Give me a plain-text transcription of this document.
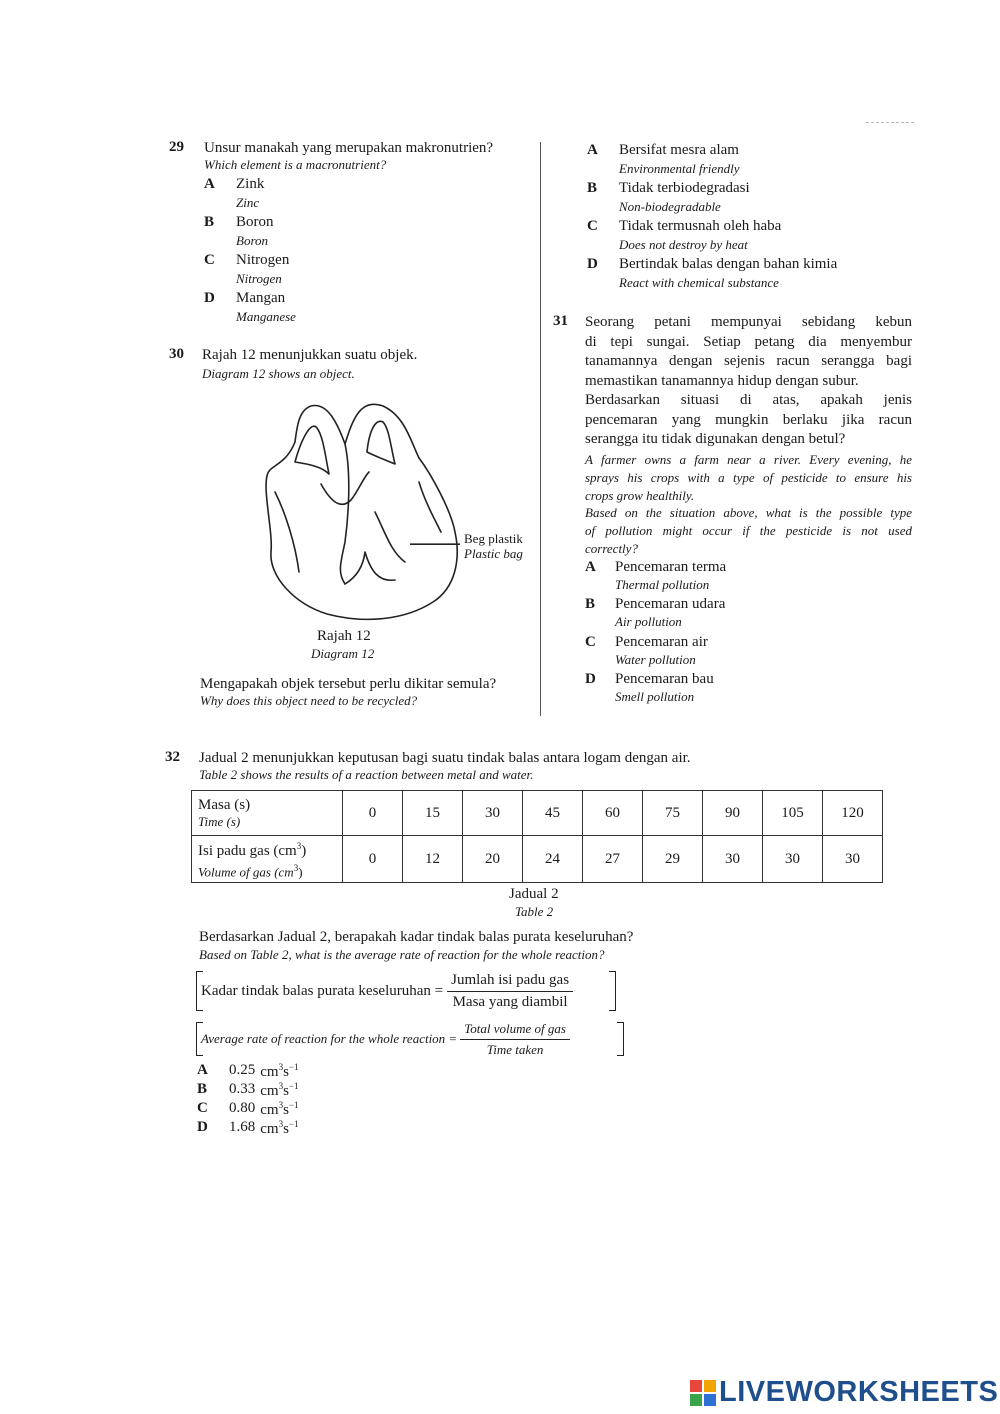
29 Unsur manakah yang merupakan makronutrien?
Which element is a macronutrient?
A Zink
Zinc
B Boron
Boron
C Nitrogen
Nitrogen
D Mangan
Manganese
30 Rajah 12 menunjukkan suatu objek.
Diagram 12 shows an object.
Beg plastik
Plastic bag
Rajah 12
Diagram 12
Mengapakah objek tersebut perlu dikitar semula?
Why does this object need to be recycled?
A Bersifat mesra alam
Environmental friendly
B Tidak terbiodegradasi
Non-biodegradable
C Tidak termusnah oleh haba
Does not destroy by heat
D Bertindak balas dengan bahan kimia
React with chemical substance
31 Seorang petani mempunyai sebidang kebun
di tepi sungai. Setiap petang dia menyembur
tanamannya dengan sejenis racun serangga bagi
memastikan tanamannya hidup dengan subur.
Berdasarkan situasi di atas, apakah jenis
pencemaran yang mungkin berlaku jika racun
serangga itu tidak digunakan dengan betul?
A farmer owns a farm near a river. Every evening, he
sprays his crops with a type of pesticide to ensure his
crops grow healthily.
Based on the situation above, what is the possible type
of pollution might occur if the pesticide is not used
correctly?
A Pencemaran terma
Thermal pollution
B Pencemaran udara
Air pollution
C Pencemaran air
Water pollution
D Pencemaran bau
Smell pollution
32 Jadual 2 menunjukkan keputusan bagi suatu tindak balas antara logam dengan air.
Table 2 shows the results of a reaction between metal and water.
Masa (s)
Time (s)	0	15	30	45	60	75	90	105	120

Isi padu gas $(cm^3)$
Volume of gas $(cm^3)$	0	12	20	24	27	29	30	30	30
Jadual 2
Table 2
Berdasarkan Jadual 2, berapakah kadar tindak balas purata keseluruhan?
Based on Table 2, what is the average rate of reaction for the whole reaction?
Kadar tindak balas purata keseluruhan = $\frac{\text{Jumlah isi padu gas}}{\text{Masa yang diambil}}$
Average rate of reaction for the whole reaction = $\frac{\text{Total volume of gas}}{\text{Time taken}}$
A	0.25 $cm^3s^{-1}$
B	0.33 $cm^3s^{-1}$
C	0.80 $cm^3s^{-1}$
D	1.68 $cm^3s^{-1}$
LIVEWORKSHEETS
